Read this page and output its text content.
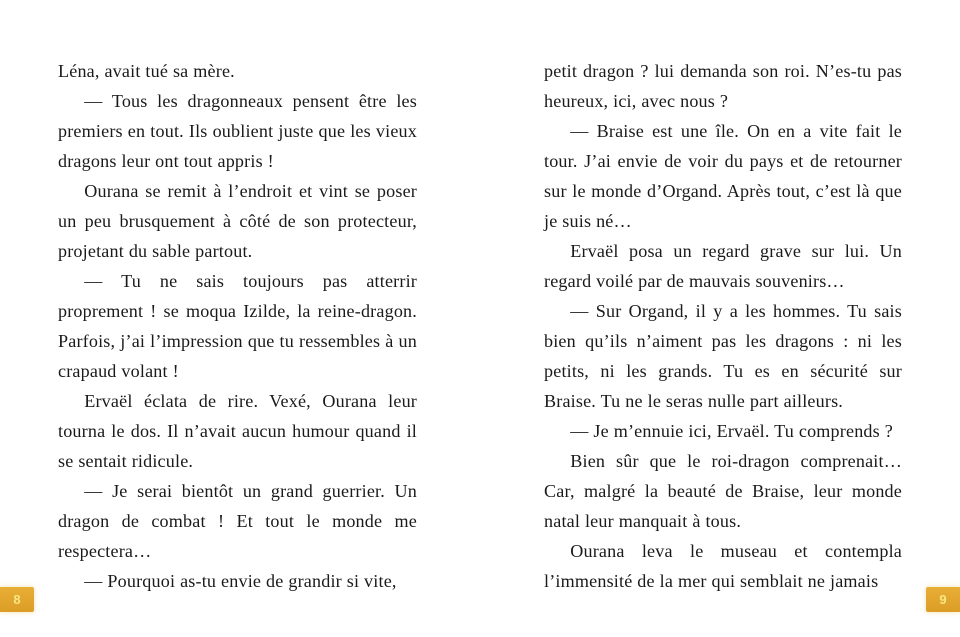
Léna, avait tué sa mère.

— Tous les dragonneaux pensent être les premiers en tout. Ils oublient juste que les vieux dragons leur ont tout appris !

Ourana se remit à l’endroit et vint se poser un peu brusquement à côté de son protecteur, projetant du sable partout.

— Tu ne sais toujours pas atterrir proprement ! se moqua Izilde, la reine-dragon. Parfois, j’ai l’impression que tu ressembles à un crapaud volant !

Ervaël éclata de rire. Vexé, Ourana leur tourna le dos. Il n’avait aucun humour quand il se sentait ridicule.

— Je serai bientôt un grand guerrier. Un dragon de combat ! Et tout le monde me respectera…

— Pourquoi as-tu envie de grandir si vite,

8

petit dragon ? lui demanda son roi. N’es-tu pas heureux, ici, avec nous ?

— Braise est une île. On en a vite fait le tour. J’ai envie de voir du pays et de retourner sur le monde d’Organd. Après tout, c’est là que je suis né…

Ervaël posa un regard grave sur lui. Un regard voilé par de mauvais souvenirs…

— Sur Organd, il y a les hommes. Tu sais bien qu’ils n’aiment pas les dragons : ni les petits, ni les grands. Tu es en sécurité sur Braise. Tu ne le seras nulle part ailleurs.

— Je m’ennuie ici, Ervaël. Tu comprends ?

Bien sûr que le roi-dragon comprenait… Car, malgré la beauté de Braise, leur monde natal leur manquait à tous.

Ourana leva le museau et contempla l’immensité de la mer qui semblait ne jamais

9
